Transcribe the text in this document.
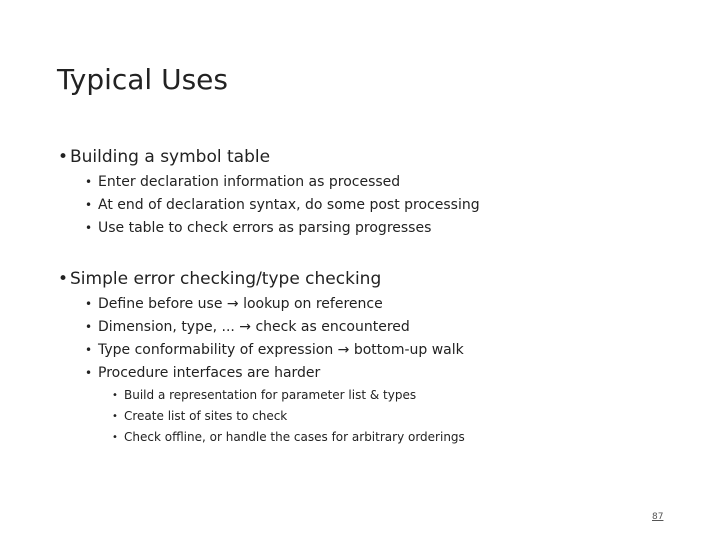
Typical Uses
• Building a symbol table
• Enter declaration information as processed
• At end of declaration syntax, do some post processing
• Use table to check errors as parsing progresses
• Simple error checking/type checking
• Define before use → lookup on reference
• Dimension, type, ... → check as encountered
• Type conformability of expression → bottom-up walk
• Procedure interfaces are harder
• Build a representation for parameter list & types
• Create list of sites to check
• Check offline, or handle the cases for arbitrary orderings
87
